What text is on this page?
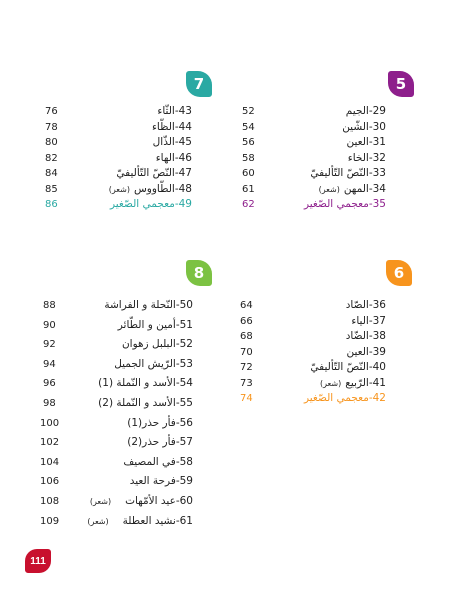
5
7
6
8
29-الجيم
52
30-الشّين
54
31-العين
56
32-الخاء
58
33-النّصّ التّأليفيّ
60
34-المهن(شعر)
61
35-معجمي الصّغير
62
43-الثّاء
76
44-الظّاء
78
45-الذّال
80
46-الهاء
82
47-النّصّ التّأليفيّ
84
48-الطّاووس(شعر)
85
49-معجمي الصّغير
86
36-الصّاد
64
37-الياء
66
38-الضّاد
68
39-العين
70
40-النّصّ التّأليفيّ
72
41-الرّبيع(شعر)
73
42-معجمي الصّغير
74
50-النّحلة و الفراشة
88
51-أمين و الطّائر
90
52-البلبل زهوان
92
53-الرّيش الجميل
94
54-الأسد و النّملة (1)
96
55-الأسد و النّملة (2)
98
56-فأر حذر(1)
100
57-فأر حذر(2)
102
58-في المصيف
104
59-فرحة العيد
106
60-عيد الأمّهات(شعر)
108
61-نشيد العطلة(شعر)
109
111
